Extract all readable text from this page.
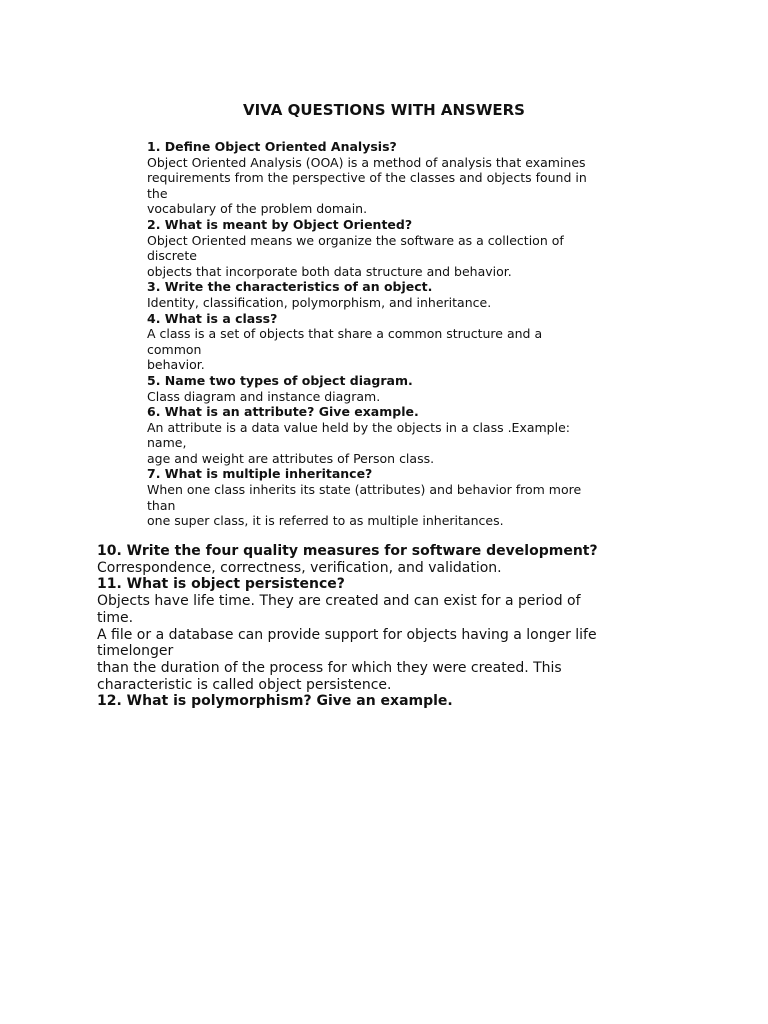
VIVA QUESTIONS WITH ANSWERS
1. Define Object Oriented Analysis?
Object Oriented Analysis (OOA) is a method of analysis that examines
requirements from the perspective of the classes and objects found in
the
vocabulary of the problem domain.
2. What is meant by Object Oriented?
Object Oriented means we organize the software as a collection of
discrete
objects that incorporate both data structure and behavior.
3. Write the characteristics of an object.
Identity, classification, polymorphism, and inheritance.
4. What is a class?
A class is a set of objects that share a common structure and a
common
behavior.
5. Name two types of object diagram.
Class diagram and instance diagram.
6. What is an attribute? Give example.
An attribute is a data value held by the objects in a class .Example:
name,
age and weight are attributes of Person class.
7. What is multiple inheritance?
When one class inherits its state (attributes) and behavior from more
than
one super class, it is referred to as multiple inheritances.
10. Write the four quality measures for software development?
Correspondence, correctness, verification, and validation.
11. What is object persistence?
Objects have life time. They are created and can exist for a period of
time.
A file or a database can provide support for objects having a longer life
timelonger
than the duration of the process for which they were created. This
characteristic is called object persistence.
12. What is polymorphism? Give an example.
